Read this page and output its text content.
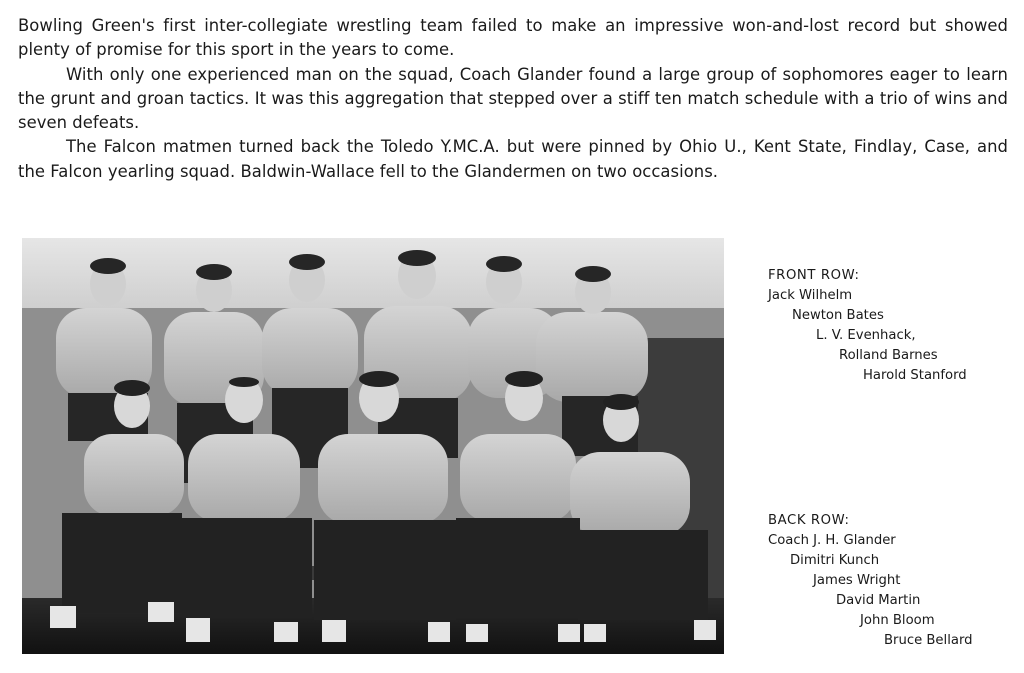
Bowling Green's first inter-collegiate wrestling team failed to make an impressive won-and-lost record but showed plenty of promise for this sport in the years to come.

With only one experienced man on the squad, Coach Glander found a large group of sophomores eager to learn the grunt and groan tactics. It was this aggregation that stepped over a stiff ten match schedule with a trio of wins and seven defeats.

The Falcon matmen turned back the Toledo Y.MC.A. but were pinned by Ohio U., Kent State, Findlay, Case, and the Falcon yearling squad. Baldwin-Wallace fell to the Glandermen on two occasions.

FRONT ROW:
Jack Wilhelm
Newton Bates
L. V. Evenhack,
Rolland Barnes
Harold Stanford
BACK ROW:
Coach J. H. Glander
Dimitri Kunch
James Wright
David Martin
John Bloom
Bruce Bellard
